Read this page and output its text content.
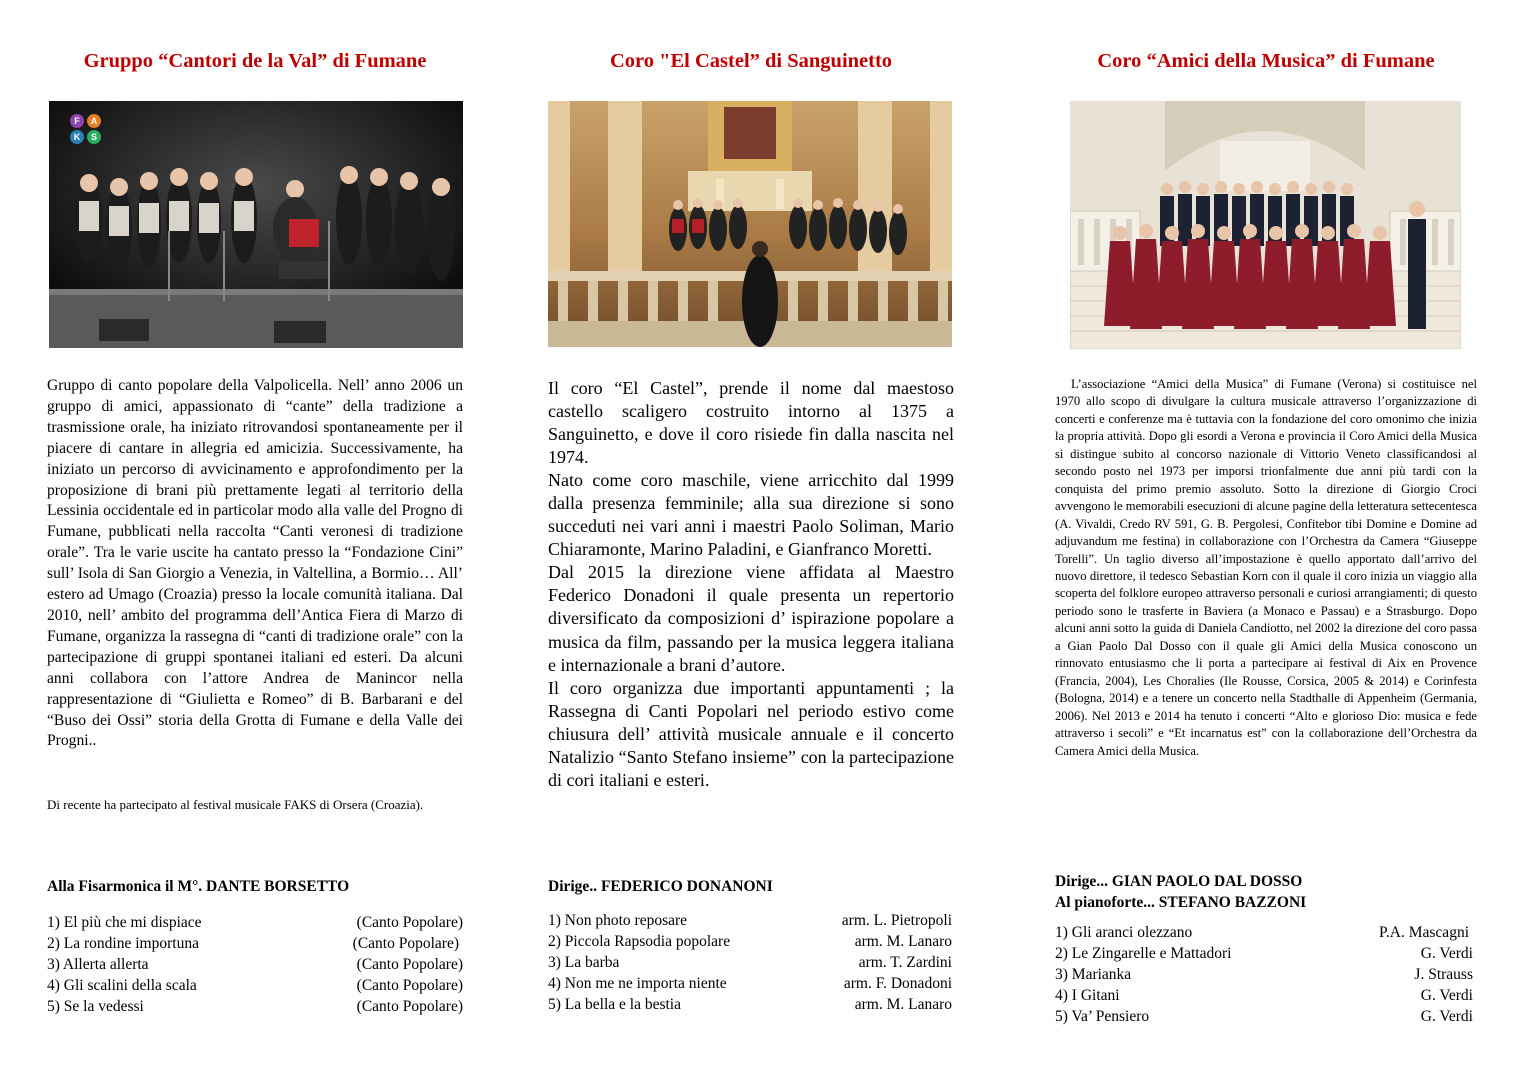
Gruppo “Cantori de la Val” di Fumane
F A
K S

Gruppo di canto popolare della Valpolicella. Nell’ anno 2006 un gruppo di amici, appassionato di “cante” della tradizione a trasmissione orale, ha iniziato ritrovandosi spontaneamente per il piacere di cantare in allegria ed amicizia. Successivamente, ha iniziato un percorso di avvicinamento e approfondimento per la proposizione di brani più prettamente legati al territorio della Lessinia occidentale ed in particolar modo alla valle del Progno di Fumane, pubblicati nella raccolta “Canti veronesi di tradizione orale”. Tra le varie uscite ha cantato presso la “Fondazione Cini” sull’ Isola di San Giorgio a Venezia, in Valtellina, a Bormio… All’ estero ad Umago (Croazia) presso la locale comunità italiana. Dal 2010, nell’ ambito del programma dell’Antica Fiera di Marzo di Fumane, organizza la rassegna di “canti di tradizione orale” con la partecipazione di gruppi spontanei italiani ed esteri. Da alcuni anni collabora con l’attore Andrea de Manincor nella rappresentazione di “Giulietta e Romeo” di B. Barbarani e del “Buso dei Ossi” storia della Grotta di Fumane e della Valle dei Progni..

Di recente ha partecipato al festival musicale FAKS di Orsera (Croazia).

Alla Fisarmonica il M°. DANTE BORSETTO

1) El più che mi dispiace	(Canto Popolare)
2) La rondine importuna	(Canto Popolare)
3) Allerta allerta	(Canto Popolare)
4) Gli scalini della scala	(Canto Popolare)
5) Se la vedessi	(Canto Popolare)
Coro "El Castel” di Sanguinetto

Il coro “El Castel”, prende il nome dal maestoso castello scaligero costruito intorno al 1375 a Sanguinetto, e dove il coro risiede fin dalla nascita nel 1974.

Nato come coro maschile, viene arricchito dal 1999 dalla presenza femminile; alla sua direzione si sono succeduti nei vari anni i maestri Paolo Soliman, Mario Chiaramonte, Marino Paladini, e Gianfranco Moretti.

Dal 2015 la direzione viene affidata al Maestro Federico Donadoni il quale presenta un repertorio diversificato da composizioni d’ ispirazione popolare a musica da film, passando per la musica leggera italiana e internazionale a brani d’autore.

Il coro organizza due importanti appuntamenti ; la Rassegna di Canti Popolari nel periodo estivo come chiusura dell’ attività musicale annuale e il concerto Natalizio “Santo Stefano insieme” con la partecipazione di cori italiani e esteri.

Dirige.. FEDERICO DONANONI

1) Non photo reposare	arm. L. Pietropoli
2) Piccola Rapsodia popolare	arm. M. Lanaro
3) La barba	arm. T. Zardini
4) Non me ne importa niente	arm. F. Donadoni
5) La bella e la bestia	arm. M. Lanaro
Coro “Amici della Musica” di Fumane

L’associazione “Amici della Musica” di Fumane (Verona) si costituisce nel 1970 allo scopo di divulgare la cultura musicale attraverso l’organizzazione di concerti e conferenze ma è tuttavia con la fondazione del coro omonimo che inizia la propria attività. Dopo gli esordi a Verona e provincia il Coro Amici della Musica si distingue subito al concorso nazionale di Vittorio Veneto classificandosi al secondo posto nel 1973 per imporsi trionfalmente due anni più tardi con la conquista del primo premio assoluto. Sotto la direzione di Giorgio Croci avvengono le memorabili esecuzioni di alcune pagine della letteratura settecentesca (A. Vivaldi, Credo RV 591, G. B. Pergolesi, Confitebor tibi Domine e Domine ad adjuvandum me festina) in collaborazione con l’Orchestra da Camera “Giuseppe Torelli”. Un taglio diverso all’impostazione è quello apportato dall’arrivo del nuovo direttore, il tedesco Sebastian Korn con il quale il coro inizia un viaggio alla scoperta del folklore europeo attraverso personali e curiosi arrangiamenti; di questo periodo sono le trasferte in Baviera (a Monaco e Passau) e a Strasburgo. Dopo alcuni anni sotto la guida di Daniela Candiotto, nel 2002 la direzione del coro passa a Gian Paolo Dal Dosso con il quale gli Amici della Musica conoscono un rinnovato entusiasmo che li porta a partecipare ai festival di Aix en Provence (Francia, 2004), Les Choralies (Ile Rousse, Corsica, 2005 & 2014) e Corinfesta (Bologna, 2014) e a tenere un concerto nella Stadthalle di Appenheim (Germania, 2006). Nel 2013 e 2014 ha tenuto i concerti “Alto e glorioso Dio: musica e fede attraverso i secoli” e “Et incarnatus est” con la collaborazione dell’Orchestra da Camera Amici della Musica.

Dirige... GIAN PAOLO DAL DOSSO
Al pianoforte... STEFANO BAZZONI

1) Gli aranci olezzano	P.A. Mascagni
2) Le Zingarelle e Mattadori	G. Verdi
3) Marianka	J. Strauss
4) I Gitani	G. Verdi
5) Va’ Pensiero	G. Verdi
